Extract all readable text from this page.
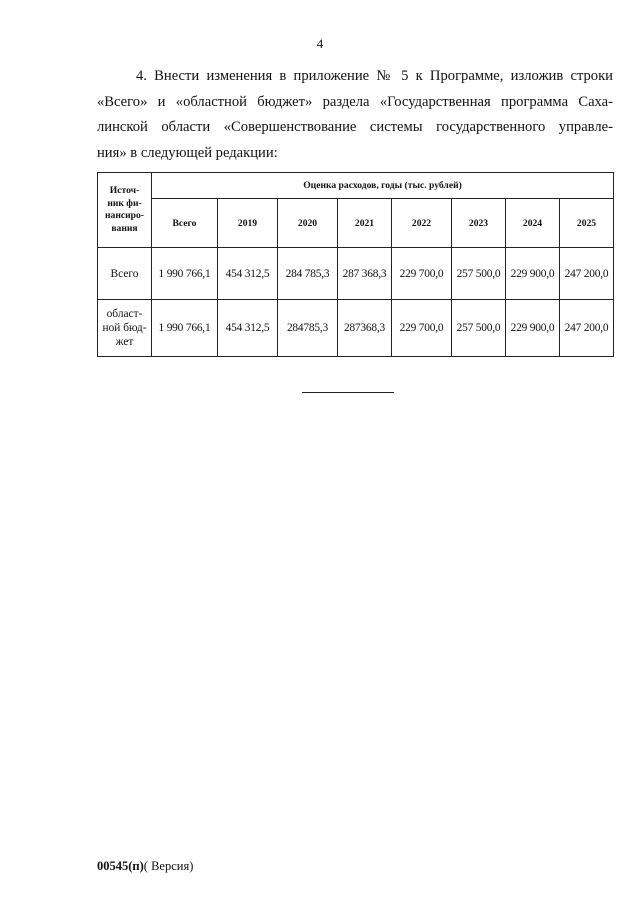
4

4. Внести изменения в приложение № 5 к Программе, изложив строки
«Всего» и «областной бюджет» раздела «Государственная программа Саха-
линской области «Совершенствование системы государственного управле-
ния» в следующей редакции:

Источ-
ник фи-
нансиро-
вания	Оценка расходов, годы (тыс. рублей)							
	Всего	2019	2020	2021	2022	2023	2024	2025
Всего	1 990 766,1	454 312,5	284 785,3	287 368,3	229 700,0	257 500,0	229 900,0	247 200,0
област-
ной бюд-
жет	1 990 766,1	454 312,5	284785,3	287368,3	229 700,0	257 500,0	229 900,0	247 200,0
00545(п)( Версия)
